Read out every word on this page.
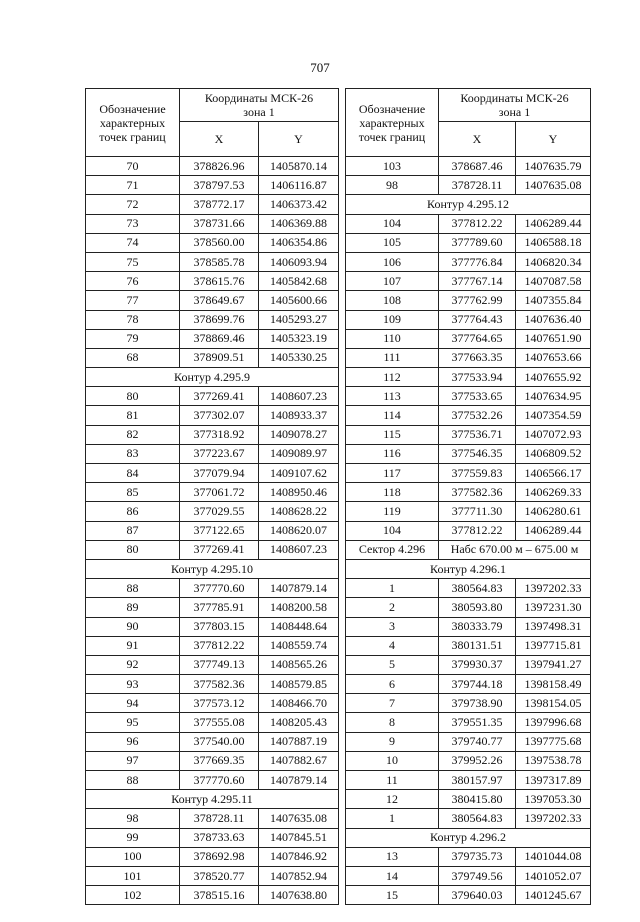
707
Обозначение характерных точек границ	Координаты МСК-26 зона 1	
	X	Y
70	378826.96	1405870.14
71	378797.53	1406116.87
72	378772.17	1406373.42
73	378731.66	1406369.88
74	378560.00	1406354.86
75	378585.78	1406093.94
76	378615.76	1405842.68
77	378649.67	1405600.66
78	378699.76	1405293.27
79	378869.46	1405323.19
68	378909.51	1405330.25
Контур 4.295.9		
80	377269.41	1408607.23
81	377302.07	1408933.37
82	377318.92	1409078.27
83	377223.67	1409089.97
84	377079.94	1409107.62
85	377061.72	1408950.46
86	377029.55	1408628.22
87	377122.65	1408620.07
80	377269.41	1408607.23
Контур 4.295.10		
88	377770.60	1407879.14
89	377785.91	1408200.58
90	377803.15	1408448.64
91	377812.22	1408559.74
92	377749.13	1408565.26
93	377582.36	1408579.85
94	377573.12	1408466.70
95	377555.08	1408205.43
96	377540.00	1407887.19
97	377669.35	1407882.67
88	377770.60	1407879.14
Контур 4.295.11		
98	378728.11	1407635.08
99	378733.63	1407845.51
100	378692.98	1407846.92
101	378520.77	1407852.94
102	378515.16	1407638.80
Обозначение характерных точек границ	Координаты МСК-26 зона 1	
	X	Y
103	378687.46	1407635.79
98	378728.11	1407635.08
Контур 4.295.12		
104	377812.22	1406289.44
105	377789.60	1406588.18
106	377776.84	1406820.34
107	377767.14	1407087.58
108	377762.99	1407355.84
109	377764.43	1407636.40
110	377764.65	1407651.90
111	377663.35	1407653.66
112	377533.94	1407655.92
113	377533.65	1407634.95
114	377532.26	1407354.59
115	377536.71	1407072.93
116	377546.35	1406809.52
117	377559.83	1406566.17
118	377582.36	1406269.33
119	377711.30	1406280.61
104	377812.22	1406289.44
Сектор 4.296	Набс 670.00 м – 675.00 м	
Контур 4.296.1		
1	380564.83	1397202.33
2	380593.80	1397231.30
3	380333.79	1397498.31
4	380131.51	1397715.81
5	379930.37	1397941.27
6	379744.18	1398158.49
7	379738.90	1398154.05
8	379551.35	1397996.68
9	379740.77	1397775.68
10	379952.26	1397538.78
11	380157.97	1397317.89
12	380415.80	1397053.30
1	380564.83	1397202.33
Контур 4.296.2		
13	379735.73	1401044.08
14	379749.56	1401052.07
15	379640.03	1401245.67
